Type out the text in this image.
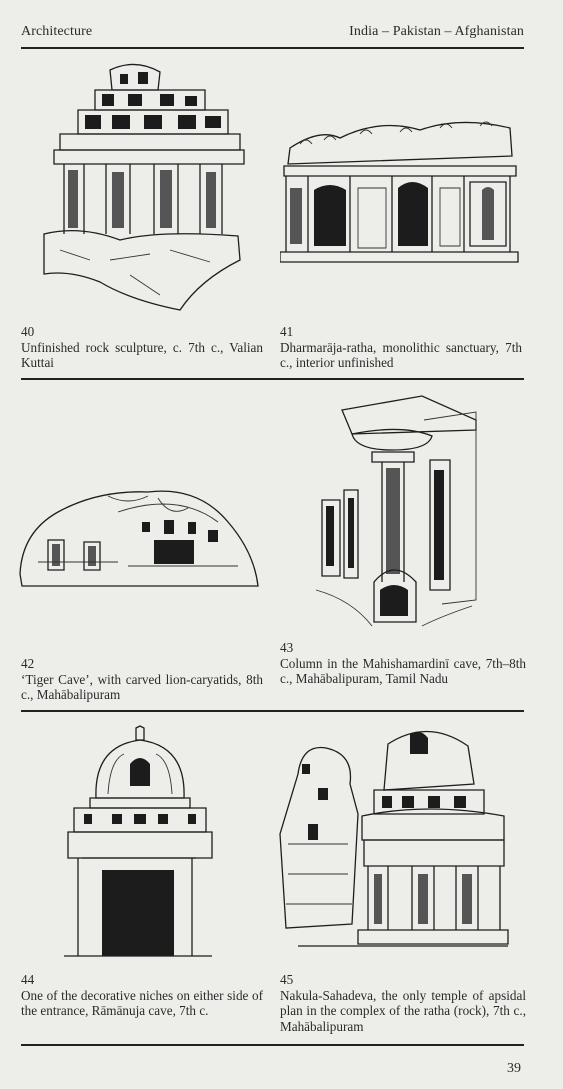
Architecture	India – Pakistan – Afghanistan
40
Unfinished rock sculpture, c. 7th c., Valian Kuttai
41
Dharmarāja-ratha, monolithic sanctuary, 7th c., interior unfinished
42
‘Tiger Cave’, with carved lion-caryatids, 8th c., Mahābalipuram
43
Column in the Mahishamardinī cave, 7th–8th c., Mahābalipuram, Tamil Nadu
44
One of the decorative niches on either side of the entrance, Rāmānuja cave, 7th c.
45
Nakula-Sahadeva, the only temple of apsidal plan in the complex of the ratha (rock), 7th c., Mahābalipuram
39
